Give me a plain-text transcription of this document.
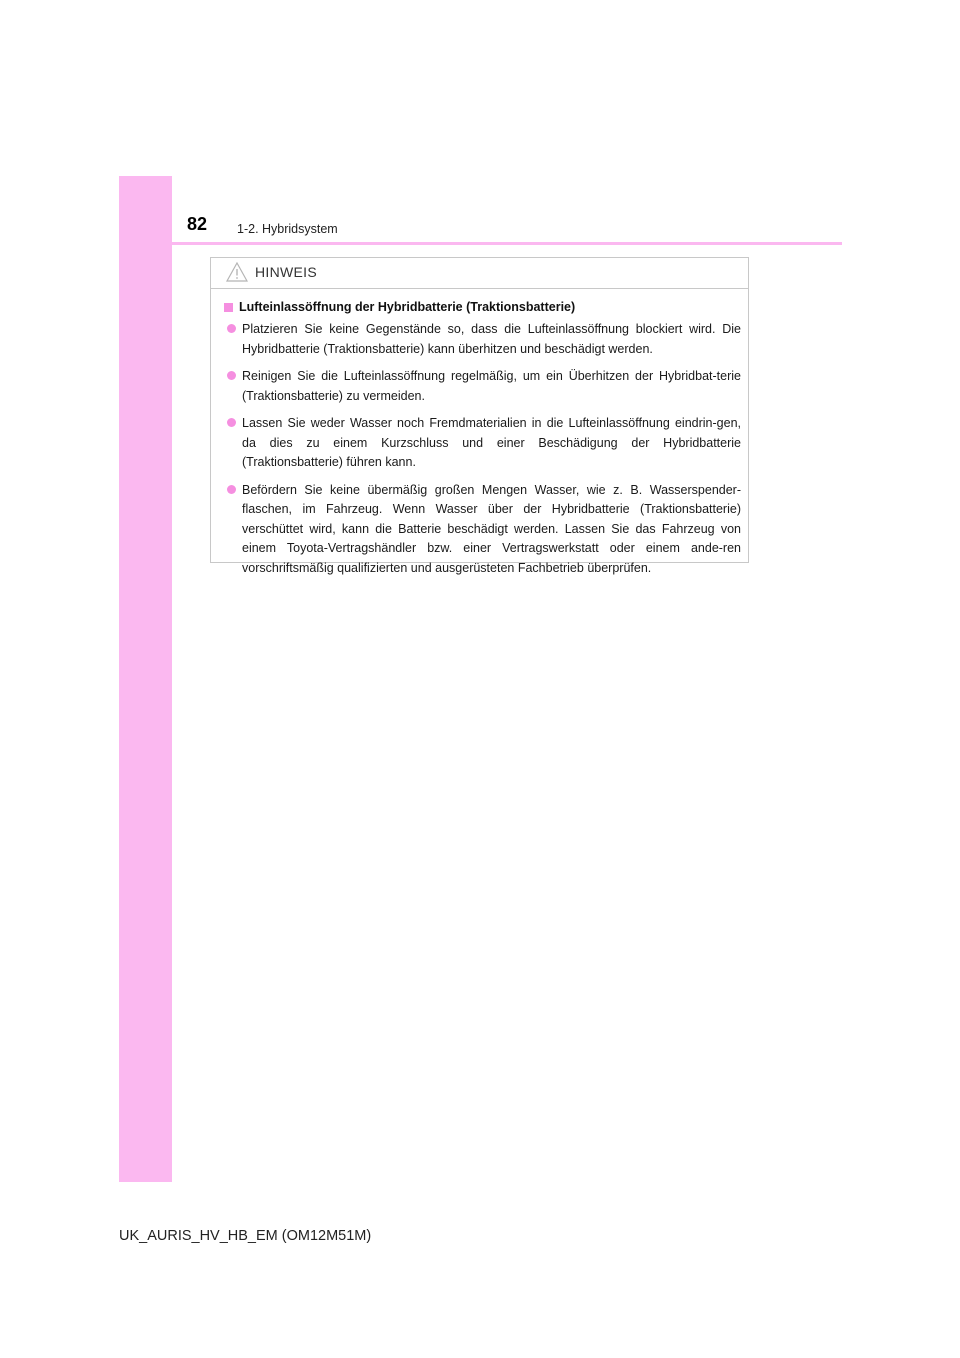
82 1-2. Hybridsystem
HINWEIS
Lufteinlassöffnung der Hybridbatterie (Traktionsbatterie)
Platzieren Sie keine Gegenstände so, dass die Lufteinlassöffnung blockiert wird. Die Hybridbatterie (Traktionsbatterie) kann überhitzen und beschädigt werden.
Reinigen Sie die Lufteinlassöffnung regelmäßig, um ein Überhitzen der Hybridbat-terie (Traktionsbatterie) zu vermeiden.
Lassen Sie weder Wasser noch Fremdmaterialien in die Lufteinlassöffnung eindrin-gen, da dies zu einem Kurzschluss und einer Beschädigung der Hybridbatterie (Traktionsbatterie) führen kann.
Befördern Sie keine übermäßig großen Mengen Wasser, wie z. B. Wasserspender-flaschen, im Fahrzeug. Wenn Wasser über der Hybridbatterie (Traktionsbatterie) verschüttet wird, kann die Batterie beschädigt werden. Lassen Sie das Fahrzeug von einem Toyota-Vertragshändler bzw. einer Vertragswerkstatt oder einem ande-ren vorschriftsmäßig qualifizierten und ausgerüsteten Fachbetrieb überprüfen.
UK_AURIS_HV_HB_EM (OM12M51M)
